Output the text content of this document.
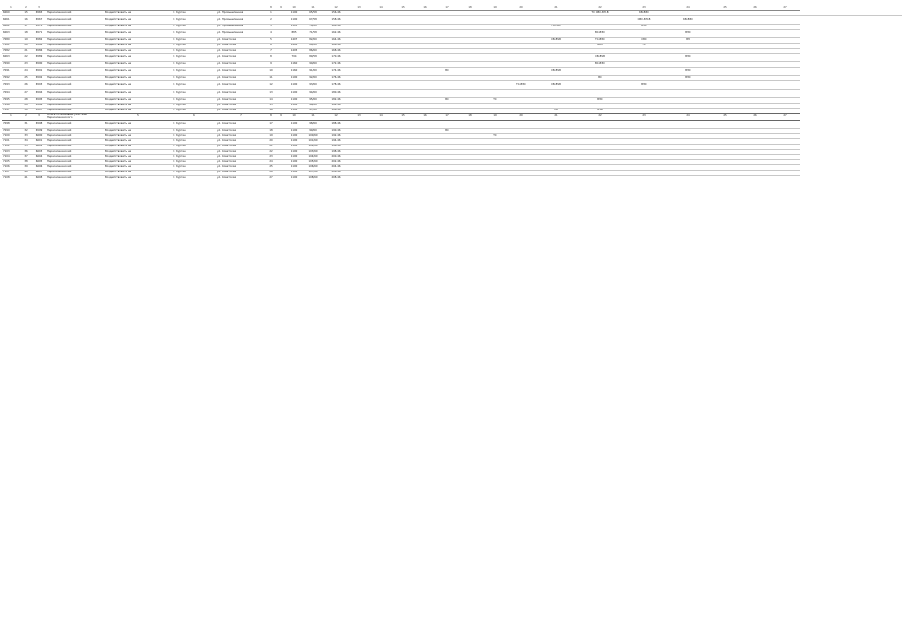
1	2	3					8	9	10	11	12	13	14	15	16	17	18	19	20	21	22	23	24	25	26	27	
6060	15	6565	Переселенческий	Воздействовать на	г. Курган	ул. Промышленная	1		1100	65/58	156.46										ТС СВС-ВН-В	КВ-ВЭС					
6061	16	6567	Переселенческий	Воздействовать на	г. Курган	ул. Промышленная	2		1100	67/58	158.46											СВС-ВН-В	КВ-ВЭС				
6062	17	6570	Переселенческий	Воздействовать на	г. Курган	ул. Промышленная	3		1105	70/60	160.46									ТСС-ВС		ВЭС					
6063	18	6571	Переселенческий	Воздействовать на	г. Курган	ул. Промышленная	4		885	71/58	162.46										ВС-ВЭС		ВЭС				
7080	19	6582	Переселенческий	Воздействовать на	г. Курган	ул. Советская	5		1407	82/60	164.46									СВ-ВЧВ	ТС-ВЭС	СВС	ВЭ				
7081	20	6584	Переселенческий	Воздействовать на	г. Курган	ул. Советская	6		1400	84/60	166.46										ВВЭ	ТС					
7082	21	6586	Переселенческий	Воздействовать на	г. Курган	ул. Советская	7		1405	86/60	168.46																
6063	22	6589	Переселенческий	Воздействовать на	г. Курган	ул. Советская	8		794	89/58	170.46										СВ-ВЧВ		ВЭС				
7090	23	6590	Переселенческий	Воздействовать на	г. Курган	ул. Советская	9		1160	90/60	172.46										ВС-ВЭС						
7091	24	6591	Переселенческий	Воздействовать на	г. Курган	ул. Советская	10		1160	91/60	174.46					ВС				СВ-ВЧВ			ВЭС				
7092	25	6592	Переселенческий	Воздействовать на	г. Курган	ул. Советская	11		1100	92/60	176.46										ВС		ВЭС				
7093	26	6593	Переселенческий	Воздействовать на	г. Курган	ул. Советская	12		1100	93/60	178.46								ТС-ВЭС	СВ-ВЧВ		ВЭС					
7094	27	6594	Переселенческий	Воздействовать на	г. Курган	ул. Советская	13		1100	94/60	180.46																
7095	28	6595	Переселенческий	Воздействовать на	г. Курган	ул. Советская	14		1100	95/60	182.46					ВС		ТС			ВЭС						
7096	29	6596	Переселенческий	Воздействовать на	г. Курган	ул. Советская	15		1100	96/60	184.46																
7097	30	6597	Переселенческий	Воздействовать на	г. Курган	ул. Советская	16		1100	97/60	186.46									СВ	ВЧВ						
1	2	3	Опись по межевым участкам Переселенческого	5	6	7	8	9	10	11	12	13	14	15	16	17	18	19	20	21	22	23	24	25	26	27	
7098	31	6598	Переселенческий	Воздействовать на	г. Курган	ул. Советская	17		1100	98/60	188.46																
7099	32	6599	Переселенческий	Воздействовать на	г. Курган	ул. Советская	18		1100	99/60	190.46					ВС											
7100	33	6600	Переселенческий	Воздействовать на	г. Курган	ул. Советская	19		1100	100/60	192.46							ТС									
7101	34	6601	Переселенческий	Воздействовать на	г. Курган	ул. Советская	20		1100	101/60	194.46																
7102	35	6602	Переселенческий	Воздействовать на	г. Курган	ул. Советская	21		1100	102/60	196.46																
7103	36	6603	Переселенческий	Воздействовать на	г. Курган	ул. Советская	22		1100	103/60	198.46																
7104	37	6604	Переселенческий	Воздействовать на	г. Курган	ул. Советская	23		1100	104/60	200.46																
7105	38	6605	Переселенческий	Воздействовать на	г. Курган	ул. Советская	24		1100	105/60	202.46																
7106	39	6606	Переселенческий	Воздействовать на	г. Курган	ул. Советская	25		1100	106/60	204.46																
7107	40	6607	Переселенческий	Воздействовать на	г. Курган	ул. Советская	26		1100	107/60	206.46																
7108	41	6608	Переселенческий	Воздействовать на	г. Курган	ул. Советская	27		1100	108/60	208.46																
